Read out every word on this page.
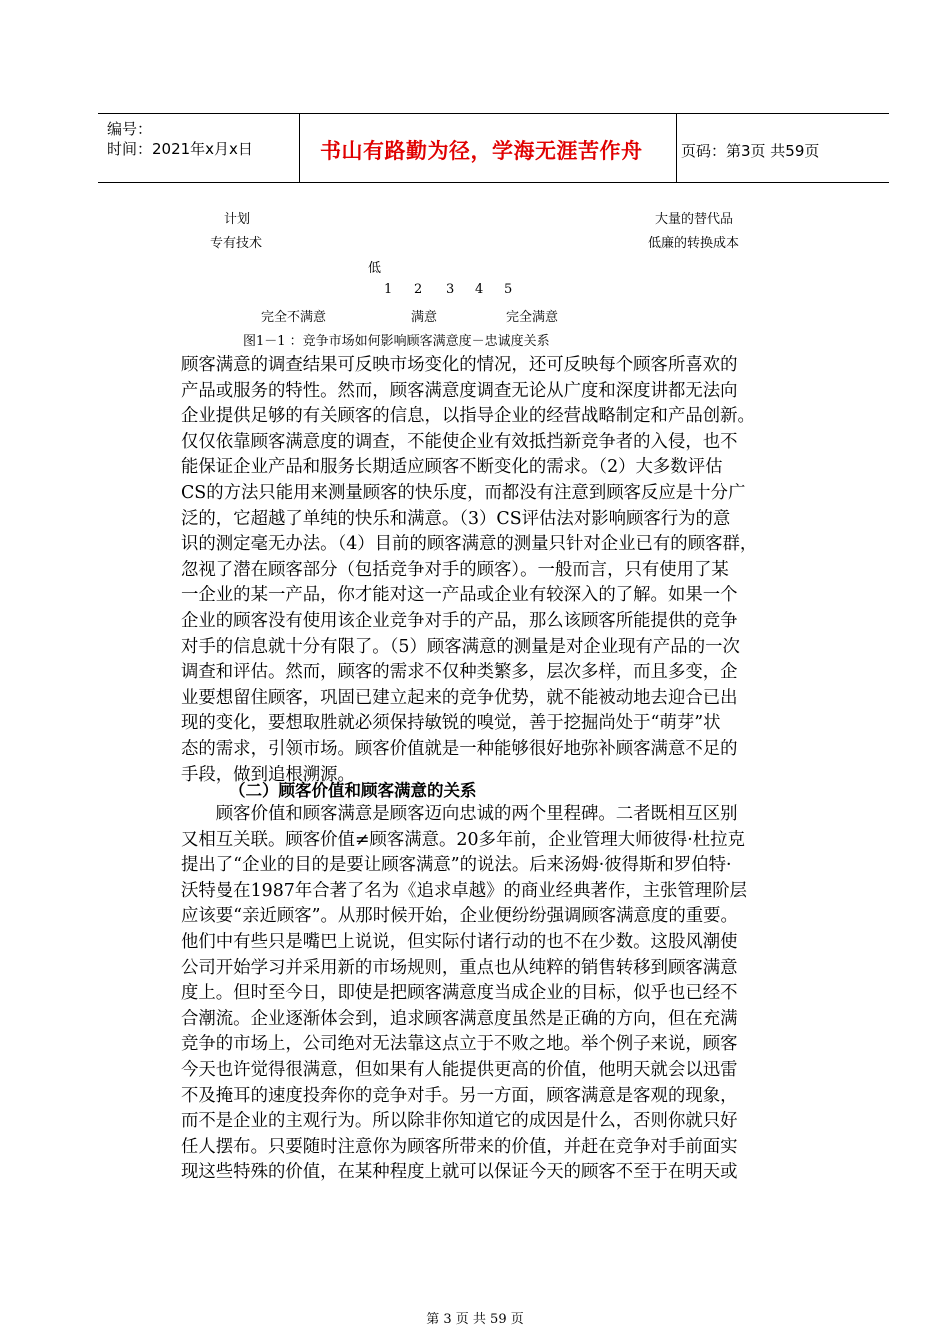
编号：
时间：2021年x月x日	书山有路勤为径，学海无涯苦作舟	页码：第3页 共59页
计划
专有技术
大量的替代品
低廉的转换成本
低
1 2 3 4 5
完全不满意	满意	完全满意
图1－1 ：竞争市场如何影响顾客满意度－忠诚度关系
顾客满意的调查结果可反映市场变化的情况，还可反映每个顾客所喜欢的
产品或服务的特性。然而，顾客满意度调查无论从广度和深度讲都无法向
企业提供足够的有关顾客的信息，以指导企业的经营战略制定和产品创新。
仅仅依靠顾客满意度的调查，不能使企业有效抵挡新竞争者的入侵，也不
能保证企业产品和服务长期适应顾客不断变化的需求。（2）大多数评估
CS的方法只能用来测量顾客的快乐度，而都没有注意到顾客反应是十分广
泛的，它超越了单纯的快乐和满意。（3）CS评估法对影响顾客行为的意
识的测定毫无办法。（4）目前的顾客满意的测量只针对企业已有的顾客群，
忽视了潜在顾客部分（包括竞争对手的顾客）。一般而言，只有使用了某
一企业的某一产品，你才能对这一产品或企业有较深入的了解。如果一个
企业的顾客没有使用该企业竞争对手的产品，那么该顾客所能提供的竞争
对手的信息就十分有限了。（5）顾客满意的测量是对企业现有产品的一次
调查和评估。然而，顾客的需求不仅种类繁多，层次多样，而且多变，企
业要想留住顾客，巩固已建立起来的竞争优势，就不能被动地去迎合已出
现的变化，要想取胜就必须保持敏锐的嗅觉，善于挖掘尚处于“萌芽”状
态的需求，引领市场。顾客价值就是一种能够很好地弥补顾客满意不足的
手段，做到追根溯源。
（二）顾客价值和顾客满意的关系
　　顾客价值和顾客满意是顾客迈向忠诚的两个里程碑。二者既相互区别
又相互关联。顾客价值≠顾客满意。20多年前，企业管理大师彼得·杜拉克
提出了“企业的目的是要让顾客满意”的说法。后来汤姆·彼得斯和罗伯特·
沃特曼在1987年合著了名为《追求卓越》的商业经典著作，主张管理阶层
应该要“亲近顾客”。从那时候开始，企业便纷纷强调顾客满意度的重要。
他们中有些只是嘴巴上说说，但实际付诸行动的也不在少数。这股风潮使
公司开始学习并采用新的市场规则，重点也从纯粹的销售转移到顾客满意
度上。但时至今日，即使是把顾客满意度当成企业的目标，似乎也已经不
合潮流。企业逐渐体会到，追求顾客满意度虽然是正确的方向，但在充满
竞争的市场上，公司绝对无法靠这点立于不败之地。举个例子来说，顾客
今天也许觉得很满意，但如果有人能提供更高的价值，他明天就会以迅雷
不及掩耳的速度投奔你的竞争对手。另一方面，顾客满意是客观的现象，
而不是企业的主观行为。所以除非你知道它的成因是什么，否则你就只好
任人摆布。只要随时注意你为顾客所带来的价值，并赶在竞争对手前面实
现这些特殊的价值，在某种程度上就可以保证今天的顾客不至于在明天或
第 3 页 共 59 页
